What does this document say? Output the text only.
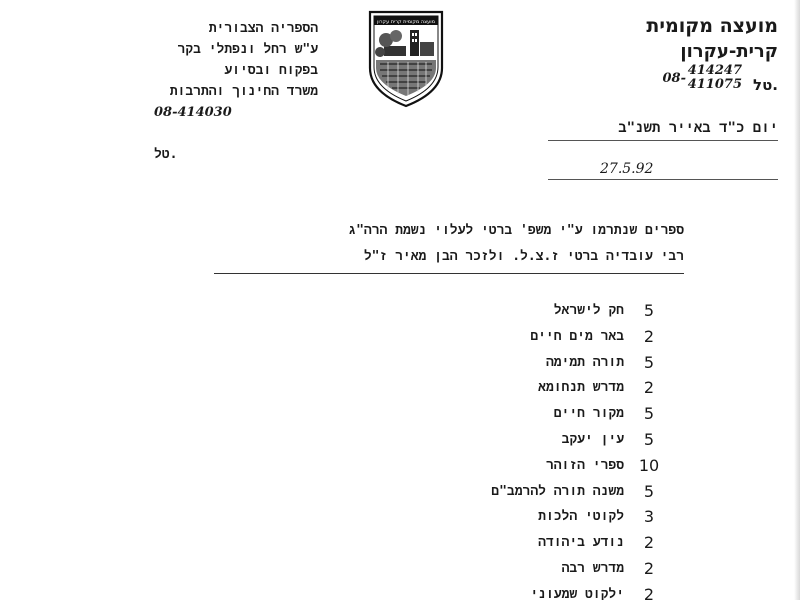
מועצה מקומית
קרית-עקרון
טל.
08-
414247
411075
מועצה מקומית קרית עקרון
הספריה הצבורית
ע"ש רחל ונפתלי בקר
בפקוח ובסיוע
משרד החינוך והתרבות
08-414030

טל.
יום כ"ד באייר תשנ"ב
27.5.92
ספרים שנתרמו ע"י משפ' ברטי לעלוי נשמת הרה"ג
רבי עובדיה ברטי ז.צ.ל. ולזכר הבן מאיר ז"ל
5
חק לישראל
2
באר מים חיים
5
תורה תמימה
2
מדרש תנחומא
5
מקור חיים
5
עין יעקב
10
ספרי הזוהר
5
משנה תורה להרמב"ם
3
לקוטי הלכות
2
נודע ביהודה
2
מדרש רבה
2
ילקוט שמעוני
